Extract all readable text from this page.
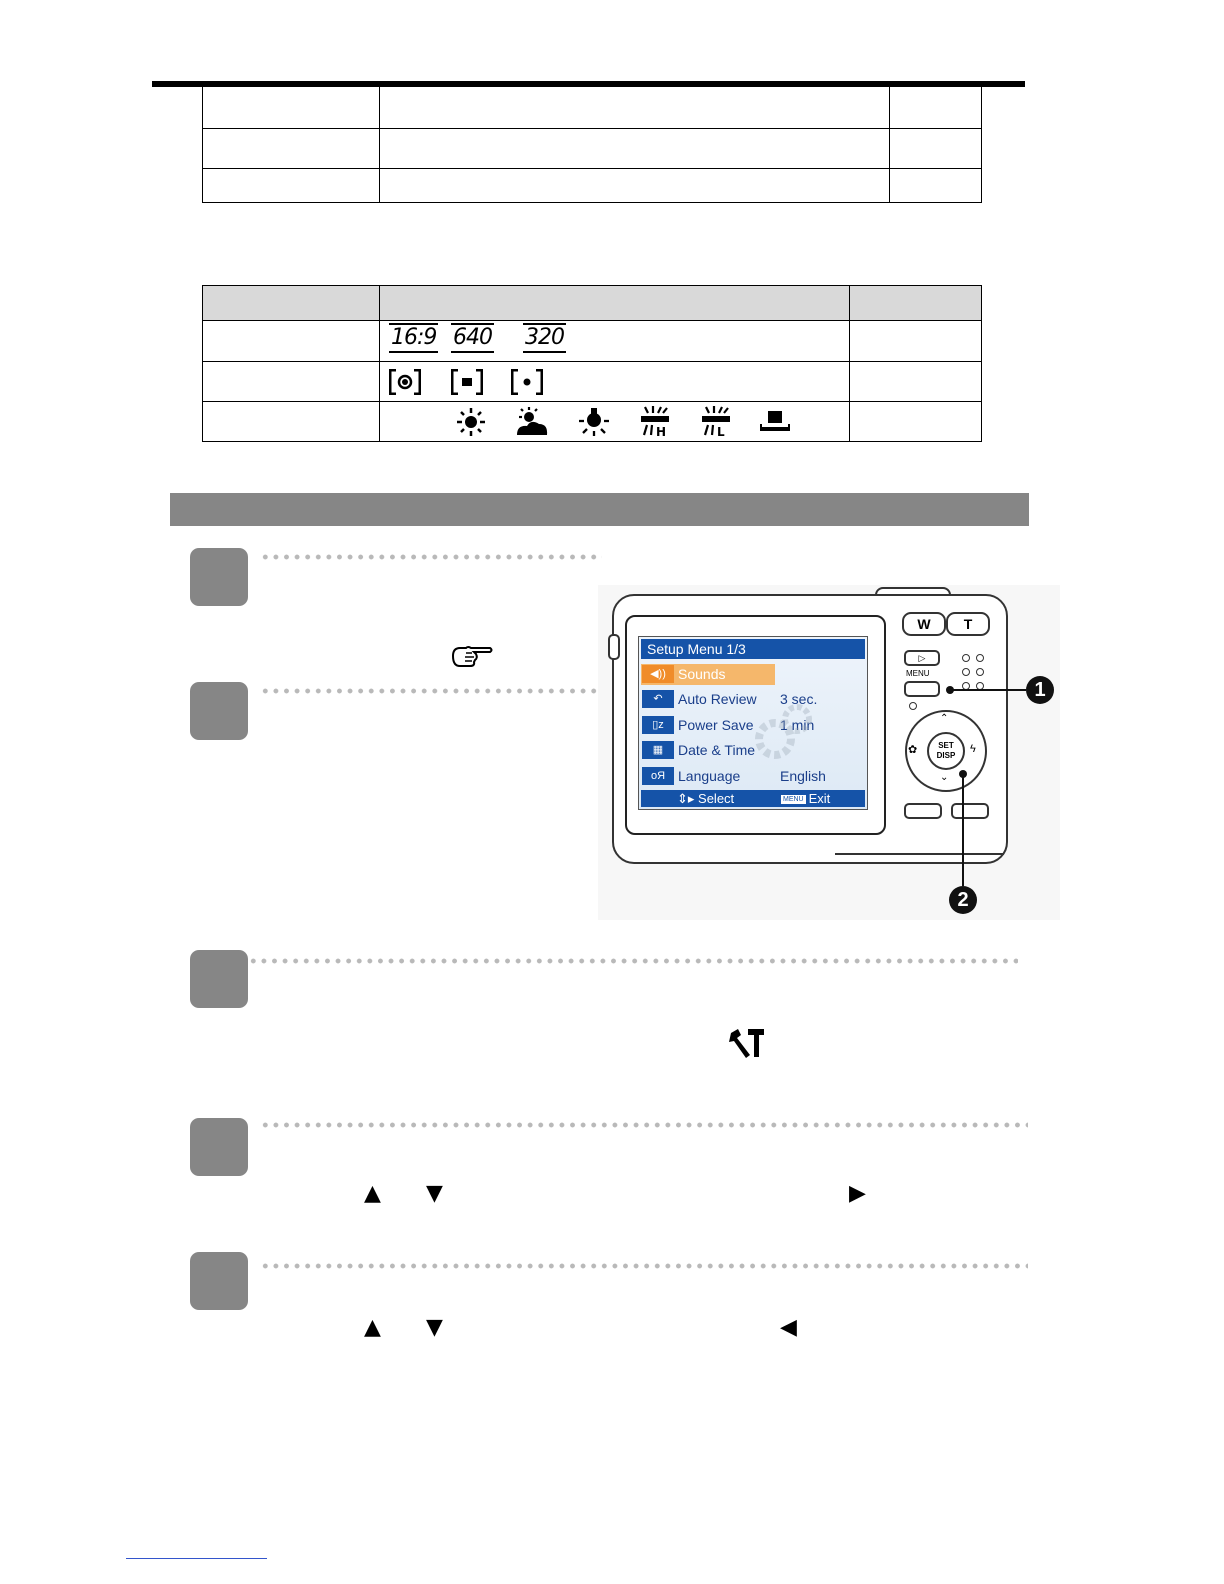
16:9 640 320
H	L
Setup Menu 1/3
◀)) Sounds
↶	Auto Review 3 sec.
▯z	Power Save 1 min
▦	Date & Time
ᴏЯ Language	English
⇕▸ Select	MENU Exit
W	T
▷
MENU
⌃
⌄
✿	ϟ
SET
DISP
1
2
▲ ▼	▶
▲ ▼	◀
